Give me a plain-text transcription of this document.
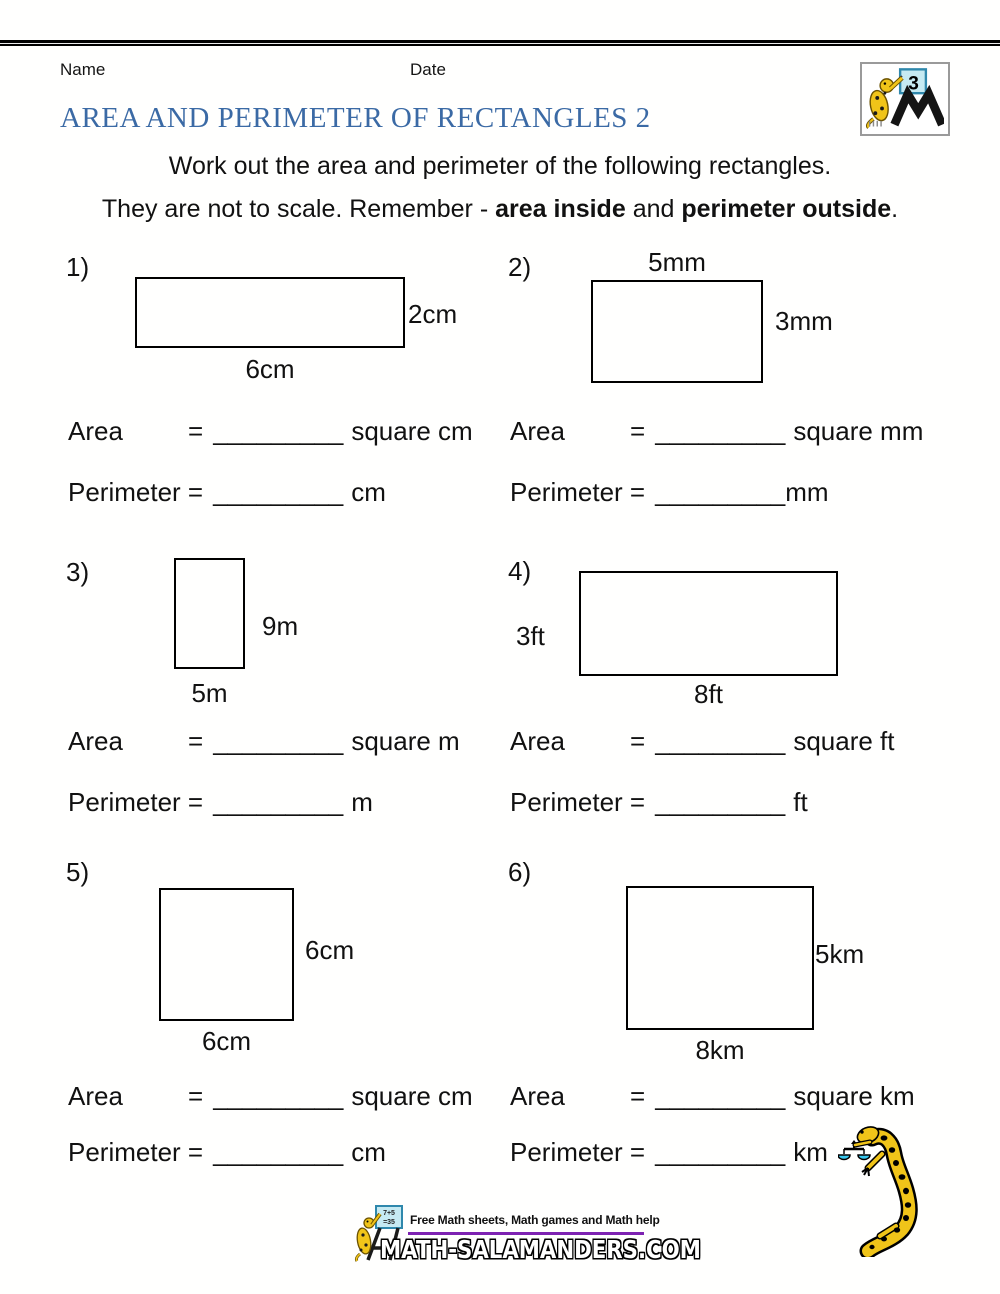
Name	Date
3
AREA AND PERIMETER OF RECTANGLES 2
Work out the area and perimeter of the following rectangles.
They are not to scale. Remember - area inside and perimeter outside.
1)
2cm
6cm
Area	= _________ square cm
Perimeter = _________ cm
2)	5mm
3mm
Area	= _________ square mm
Perimeter = _________mm
3)
9m
5m
Area	= _________ square m
Perimeter = _________ m
4)
3ft
8ft
Area	= _________ square ft
Perimeter = _________ ft
5)
6cm
6cm
Area	= _________ square cm
Perimeter = _________ cm
6)
5km
8km
Area	= _________ square km
Perimeter = _________ km
7+5
=35 Free Math sheets, Math games and Math help
MATH-SALAMANDERS.COM
